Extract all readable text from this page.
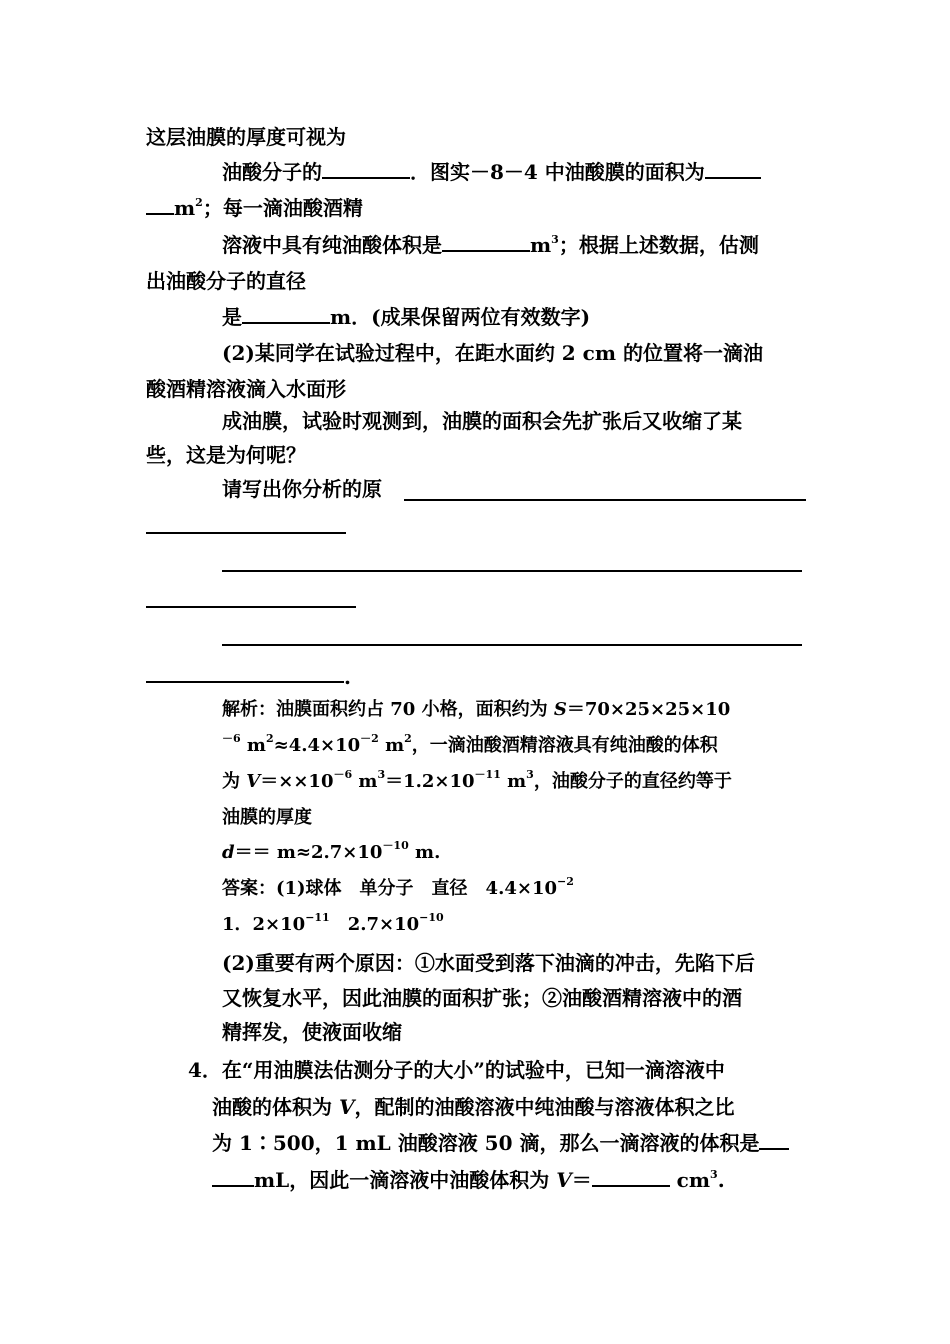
这层油膜的厚度可视为
油酸分子的	．图实－8－4 中油酸膜的面积为
$m^2$；每一滴油酸酒精
溶液中具有纯油酸体积是	$m^3$；根据上述数据，估测
出油酸分子的直径
是	m．(成果保留两位有效数字)
(2)某同学在试验过程中，在距水面约 2 cm 的位置将一滴油
酸酒精溶液滴入水面形
成油膜，试验时观测到，油膜的面积会先扩张后又收缩了某
些，这是为何呢？
请写出你分析的原
.
解析：油膜面积约占 70 小格，面积约为 S＝70×25×25×10
$^{-6}$ $m^2\approx 4.4\times 10^{-2}$ $m^2$，一滴油酸酒精溶液具有纯油酸的体积
为 $V=\times\times 10^{-6}$ $m^3=1.2\times 10^{-11}$ $m^3$，油酸分子的直径约等于
油膜的厚度
$d== m\approx 2.7\times 10^{-10}$ m.
答案：(1)球体　单分子　直径　$4.4\times 10^{-2}$
1．$2\times 10^{-11}$　$2.7\times 10^{-10}$
(2)重要有两个原因：①水面受到落下油滴的冲击，先陷下后
又恢复水平，因此油膜的面积扩张；②油酸酒精溶液中的酒
精挥发，使液面收缩
4．在“用油膜法估测分子的大小”的试验中，已知一滴溶液中
油酸的体积为 V，配制的油酸溶液中纯油酸与溶液体积之比
为 1∶500，1 mL 油酸溶液 50 滴，那么一滴溶液的体积是
mL，因此一滴溶液中油酸体积为 V＝	$cm^3$.
